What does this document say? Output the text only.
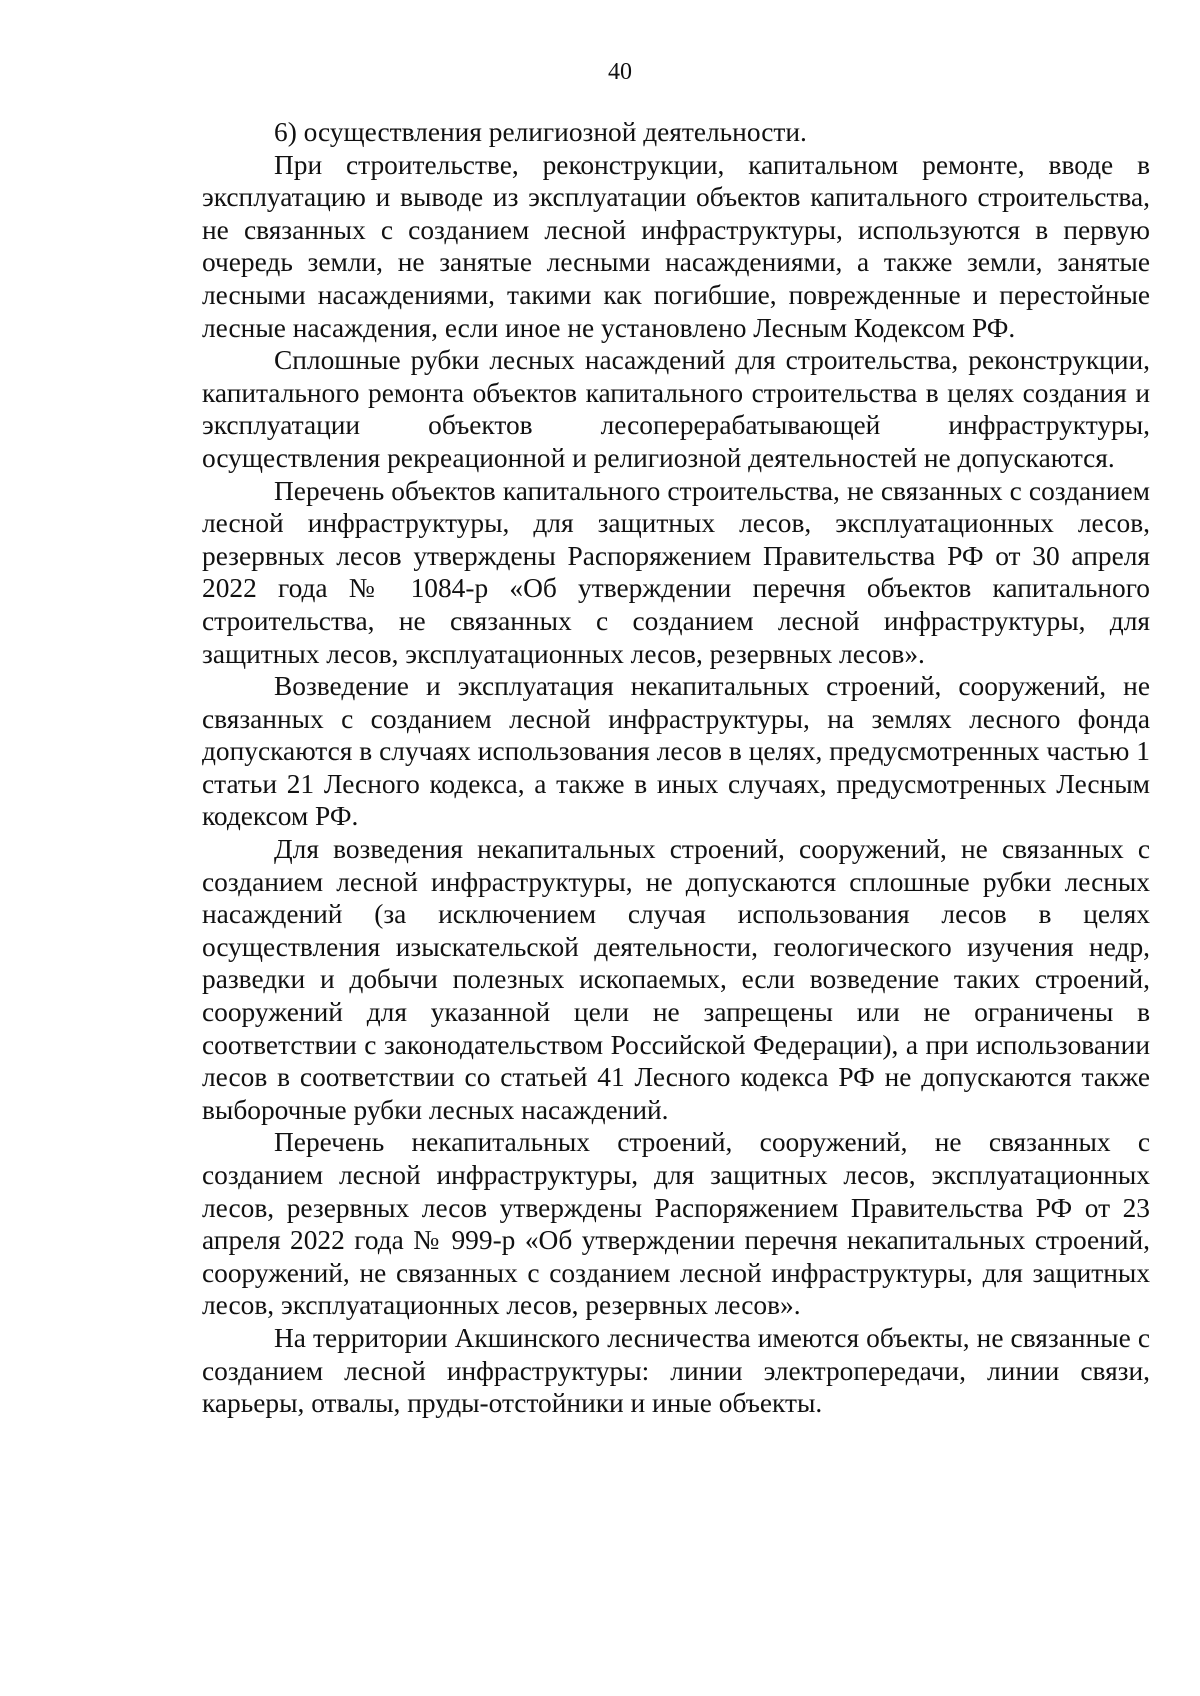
40

6) осуществления религиозной деятельности.

При строительстве, реконструкции, капитальном ремонте, вводе в эксплуатацию и выводе из эксплуатации объектов капитального строительства, не связанных с созданием лесной инфраструктуры, используются в первую очередь земли, не занятые лесными насаждениями, а также земли, занятые лесными насаждениями, такими как погибшие, поврежденные и перестойные лесные насаждения, если иное не установлено Лесным Кодексом РФ.

Сплошные рубки лесных насаждений для строительства, реконструкции, капитального ремонта объектов капитального строительства в целях создания и эксплуатации объектов лесоперерабатывающей инфраструктуры, осуществления рекреационной и религиозной деятельностей не допускаются.

Перечень объектов капитального строительства, не связанных с созданием лесной инфраструктуры, для защитных лесов, эксплуатационных лесов, резервных лесов утверждены Распоряжением Правительства РФ от 30 апреля 2022 года № 1084-р «Об утверждении перечня объектов капитального строительства, не связанных с созданием лесной инфраструктуры, для защитных лесов, эксплуатационных лесов, резервных лесов».

Возведение и эксплуатация некапитальных строений, сооружений, не связанных с созданием лесной инфраструктуры, на землях лесного фонда допускаются в случаях использования лесов в целях, предусмотренных частью 1 статьи 21 Лесного кодекса, а также в иных случаях, предусмотренных Лесным кодексом РФ.

Для возведения некапитальных строений, сооружений, не связанных с созданием лесной инфраструктуры, не допускаются сплошные рубки лесных насаждений (за исключением случая использования лесов в целях осуществления изыскательской деятельности, геологического изучения недр, разведки и добычи полезных ископаемых, если возведение таких строений, сооружений для указанной цели не запрещены или не ограничены в соответствии с законодательством Российской Федерации), а при использовании лесов в соответствии со статьей 41 Лесного кодекса РФ не допускаются также выборочные рубки лесных насаждений.

Перечень некапитальных строений, сооружений, не связанных с созданием лесной инфраструктуры, для защитных лесов, эксплуатационных лесов, резервных лесов утверждены Распоряжением Правительства РФ от 23 апреля 2022 года № 999-р «Об утверждении перечня некапитальных строений, сооружений, не связанных с созданием лесной инфраструктуры, для защитных лесов, эксплуатационных лесов, резервных лесов».

На территории Акшинского лесничества имеются объекты, не связанные с созданием лесной инфраструктуры: линии электропередачи, линии связи, карьеры, отвалы, пруды-отстойники и иные объекты.
